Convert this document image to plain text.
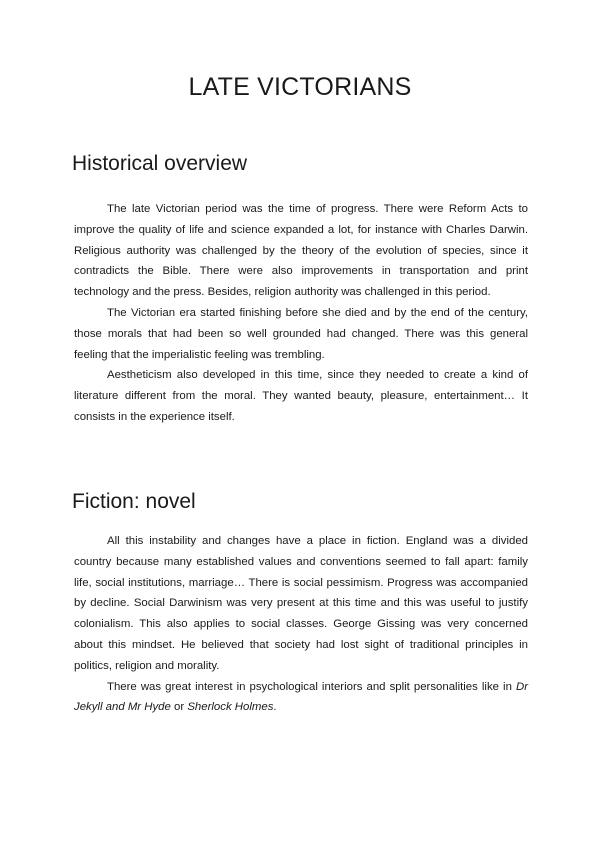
LATE VICTORIANS
Historical overview

The late Victorian period was the time of progress. There were Reform Acts to improve the quality of life and science expanded a lot, for instance with Charles Darwin. Religious authority was challenged by the theory of the evolution of species, since it contradicts the Bible. There were also improvements in transportation and print technology and the press. Besides, religion authority was challenged in this period.

The Victorian era started finishing before she died and by the end of the century, those morals that had been so well grounded had changed. There was this general feeling that the imperialistic feeling was trembling.

Aestheticism also developed in this time, since they needed to create a kind of literature different from the moral. They wanted beauty, pleasure, entertainment… It consists in the experience itself.

Fiction: novel

All this instability and changes have a place in fiction. England was a divided country because many established values and conventions seemed to fall apart: family life, social institutions, marriage… There is social pessimism. Progress was accompanied by decline. Social Darwinism was very present at this time and this was useful to justify colonialism. This also applies to social classes. George Gissing was very concerned about this mindset. He believed that society had lost sight of traditional principles in politics, religion and morality.

There was great interest in psychological interiors and split personalities like in Dr Jekyll and Mr Hyde or Sherlock Holmes.
